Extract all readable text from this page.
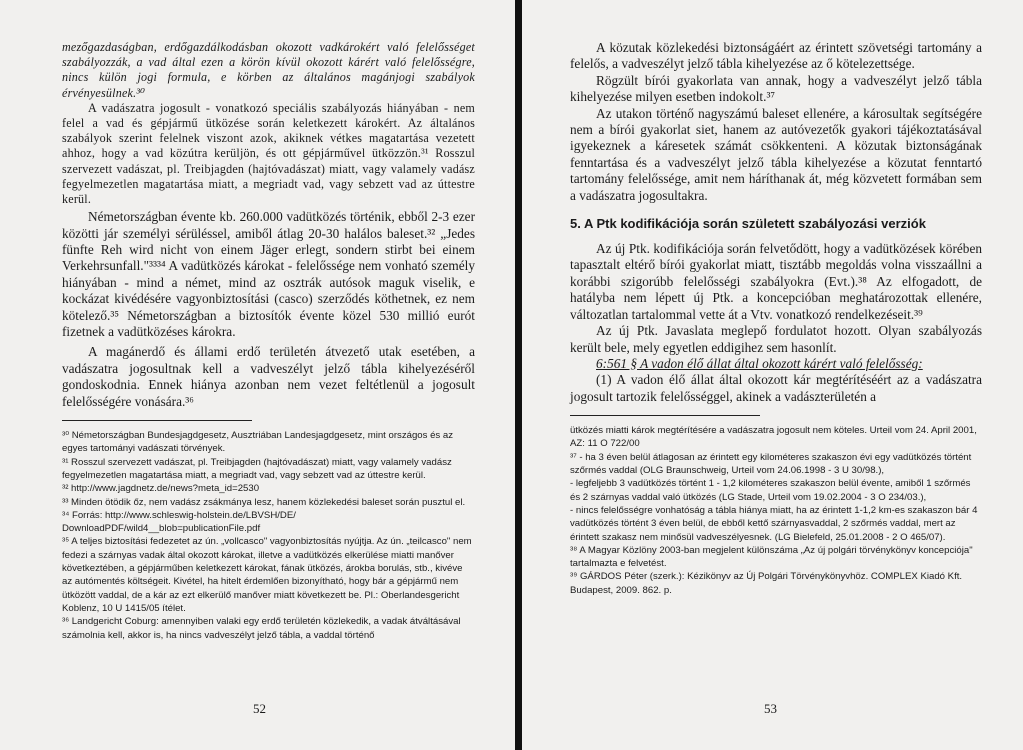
mezőgazdaságban, erdőgazdálkodásban okozott vadkárokért való felelősséget szabályozzák, a vad által ezen a körön kívül okozott kárért való felelősségre, nincs külön jogi formula, e körben az általános magánjogi szabályok érvényesülnek.³⁰

A vadászatra jogosult - vonatkozó speciális szabályozás hiányában - nem felel a vad és gépjármű ütközése során keletkezett károkért. Az általános szabályok szerint felelnek viszont azok, akiknek vétkes magatartása vezetett ahhoz, hogy a vad közútra kerüljön, és ott gépjárművel ütközzön.³¹ Rosszul szervezett vadászat, pl. Treibjagden (hajtóvadászat) miatt, vagy valamely vadász fegyelmezetlen magatartása miatt, a megriadt vad, vagy sebzett vad az úttestre kerül.

Németországban évente kb. 260.000 vadütközés történik, ebből 2-3 ezer közötti jár személyi sérüléssel, amiből átlag 20-30 halálos baleset.³² „Jedes fünfte Reh wird nicht von einem Jäger erlegt, sondern stirbt bei einem Verkehrsunfall."³³³⁴ A vadütközés károkat - felelőssége nem vonható személy hiányában - mind a német, mind az osztrák autósok maguk viselik, e kockázat kivédésére vagyonbiztosítási (casco) szerződés köthetnek, ez nem kötelező.³⁵ Németországban a biztosítók évente közel 530 millió eurót fizetnek a vadütközéses károkra.

A magánerdő és állami erdő területén átvezető utak esetében, a vadászatra jogosultnak kell a vadveszélyt jelző tábla kihelyezéséről gondoskodnia. Ennek hiánya azonban nem vezet feltétlenül a jogosult felelősségére vonására.³⁶

³⁰ Németországban Bundesjagdgesetz, Ausztriában Landesjagdgesetz, mint országos és az egyes tartományi vadászati törvények.

³¹ Rosszul szervezett vadászat, pl. Treibjagden (hajtóvadászat) miatt, vagy valamely vadász fegyelmezetlen magatartása miatt, a megriadt vad, vagy sebzett vad az úttestre kerül.

³² http://www.jagdnetz.de/news?meta_id=2530

³³ Minden ötödik őz, nem vadász zsákmánya lesz, hanem közlekedési baleset során pusztul el.

³⁴ Forrás: http://www.schleswig-holstein.de/LBVSH/DE/ DownloadPDF/wild4__blob=publicationFile.pdf

³⁵ A teljes biztosítási fedezetet az ún. „vollcasco" vagyonbiztosítás nyújtja. Az ún. „teilcasco" nem fedezi a szárnyas vadak által okozott károkat, illetve a vadütközés elkerülése miatti manőver következtében, a gépjárműben keletkezett károkat, fának ütközés, árokba borulás, stb., kivéve az autómentés költségeit. Kivétel, ha hitelt érdemlően bizonyítható, hogy bár a gépjármű nem ütközött vaddal, de a kár az ezt elkerülő manőver miatt következett be. Pl.: Oberlandesgericht Koblenz, 10 U 1415/05 ítélet.

³⁶ Landgericht Coburg: amennyiben valaki egy erdő területén közlekedik, a vadak átváltásával számolnia kell, akkor is, ha nincs vadveszélyt jelző tábla, a vaddal történő

52

A közutak közlekedési biztonságáért az érintett szövetségi tartomány a felelős, a vadveszélyt jelző tábla kihelyezése az ő kötelezettsége.

Rögzült bírói gyakorlata van annak, hogy a vadveszélyt jelző tábla kihelyezése milyen esetben indokolt.³⁷

Az utakon történő nagyszámú baleset ellenére, a károsultak segítségére nem a bírói gyakorlat siet, hanem az autóvezetők gyakori tájékoztatásával igyekeznek a káresetek számát csökkenteni. A közutak biztonságának fenntartása és a vadveszélyt jelző tábla kihelyezése a közutat fenntartó tartomány felelőssége, amit nem háríthanak át, még közvetett formában sem a vadászatra jogosultakra.

5. A Ptk kodifikációja során született szabályozási verziók

Az új Ptk. kodifikációja során felvetődött, hogy a vadütközések körében tapasztalt eltérő bírói gyakorlat miatt, tisztább megoldás volna visszaállni a korábbi szigorúbb felelősségi szabályokra (Evt.).³⁸ Az elfogadott, de hatályba nem lépett új Ptk. a koncepcióban meghatározottak ellenére, változatlan tartalommal vette át a Vtv. vonatkozó rendelkezéseit.³⁹

Az új Ptk. Javaslata meglepő fordulatot hozott. Olyan szabályozás került bele, mely egyetlen eddigihez sem hasonlít.

6:561 § A vadon élő állat által okozott kárért való felelősség:

(1) A vadon élő állat által okozott kár megtérítéséért az a vadászatra jogosult tartozik felelősséggel, akinek a vadászterületén a

ütközés miatti károk megtérítésére a vadászatra jogosult nem köteles. Urteil vom 24. April 2001, AZ: 11 O 722/00

³⁷ - ha 3 éven belül átlagosan az érintett egy kilométeres szakaszon évi egy vadütközés történt szőrmés vaddal (OLG Braunschweig, Urteil vom 24.06.1998 - 3 U 30/98.),

- legfeljebb 3 vadütközés történt 1 - 1,2 kilométeres szakaszon belül évente, amiből 1 szőrmés és 2 szárnyas vaddal való ütközés (LG Stade, Urteil vom 19.02.2004 - 3 O 234/03.),

- nincs felelősségre vonhatóság a tábla hiánya miatt, ha az érintett 1-1,2 km-es szakaszon bár 4 vadütközés történt 3 éven belül, de ebből kettő szárnyasvaddal, 2 szőrmés vaddal, mert az érintett szakasz nem minősül vadveszélyesnek. (LG Bielefeld, 25.01.2008 - 2 O 465/07).

³⁸ A Magyar Közlöny 2003-ban megjelent különszáma „Az új polgári törvénykönyv koncepciója" tartalmazta e felvetést.

³⁹ GÁRDOS Péter (szerk.): Kézikönyv az Új Polgári Törvénykönyvhöz. COMPLEX Kiadó Kft. Budapest, 2009. 862. p.

53
